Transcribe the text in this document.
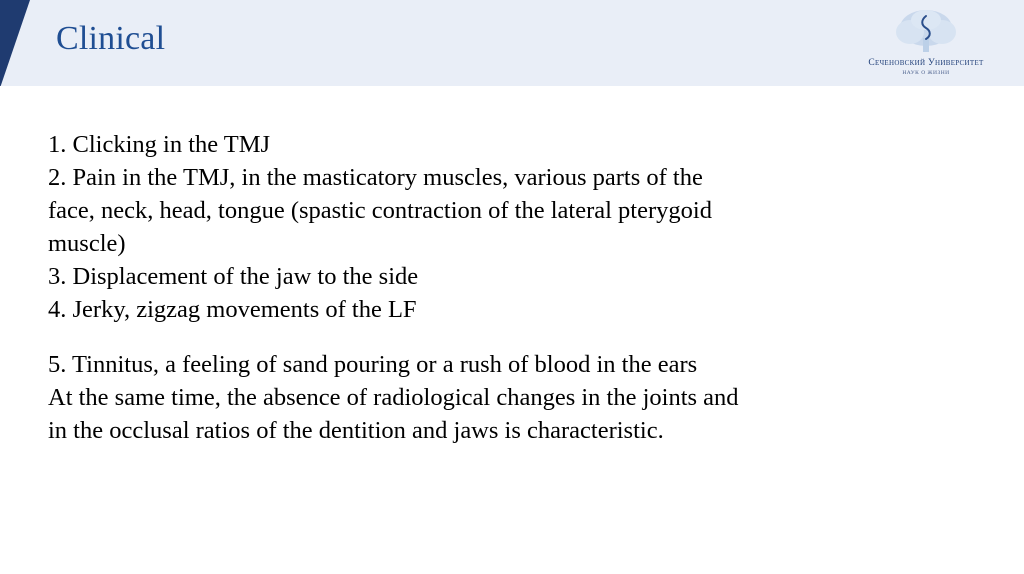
Clinical
Сеченовский Университет
НАУК О ЖИЗНИ

1. Clicking in the TMJ
2. Pain in the TMJ, in the masticatory muscles, various parts of the
face, neck, head, tongue (spastic contraction of the lateral pterygoid
muscle)
3. Displacement of the jaw to the side
4. Jerky, zigzag movements of the LF

5. Tinnitus, a feeling of sand pouring or a rush of blood in the ears
At the same time, the absence of radiological changes in the joints and
in the occlusal ratios of the dentition and jaws is characteristic.
